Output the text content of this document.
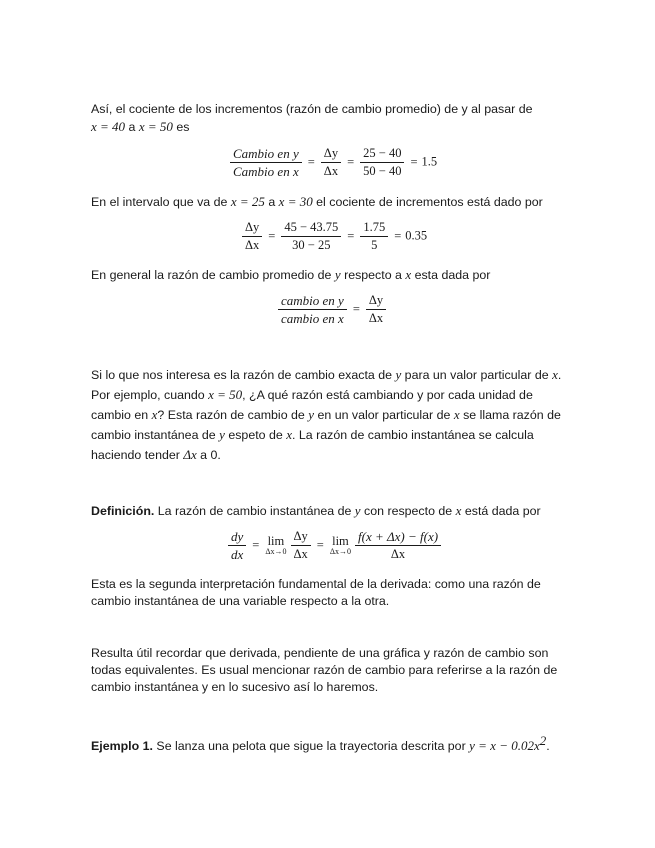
Así, el cociente de los incrementos (razón de cambio promedio) de y al pasar de
x = 40 a x = 50 es
$\frac{\text{Cambio en y}}{\text{Cambio en x}} = \frac{\Delta y}{\Delta x} = \frac{25 - 40}{50 - 40} = 1.5$
En el intervalo que va de x = 25 a x = 30 el cociente de incrementos está dado por
$\frac{\Delta y}{\Delta x} = \frac{45 - 43.75}{30 - 25} = \frac{1.75}{5} = 0.35$
En general la razón de cambio promedio de y respecto a x esta dada por
$\frac{\text{cambio en y}}{\text{cambio en x}} = \frac{\Delta y}{\Delta x}$
Si lo que nos interesa es la razón de cambio exacta de y para un valor particular de x.
Por ejemplo, cuando x = 50, ¿A qué razón está cambiando y por cada unidad de
cambio en x? Esta razón de cambio de y en un valor particular de x se llama razón de
cambio instantánea de y espeto de x. La razón de cambio instantánea se calcula
haciendo tender Δx a 0.
Definición. La razón de cambio instantánea de y con respecto de x está dada por
$\frac{dy}{dx} = \lim$
$\Delta x\to 0 \frac{\Delta y}{\Delta x} = \lim$
$\Delta x\to 0 \frac{f(x + \Delta x) - f(x)}{\Delta x}$
Esta es la segunda interpretación fundamental de la derivada: como una razón de
cambio instantánea de una variable respecto a la otra.
Resulta útil recordar que derivada, pendiente de una gráfica y razón de cambio son
todas equivalentes. Es usual mencionar razón de cambio para referirse a la razón de
cambio instantánea y en lo sucesivo así lo haremos.
Ejemplo 1. Se lanza una pelota que sigue la trayectoria descrita por $y = x - 0.02x^2$.
